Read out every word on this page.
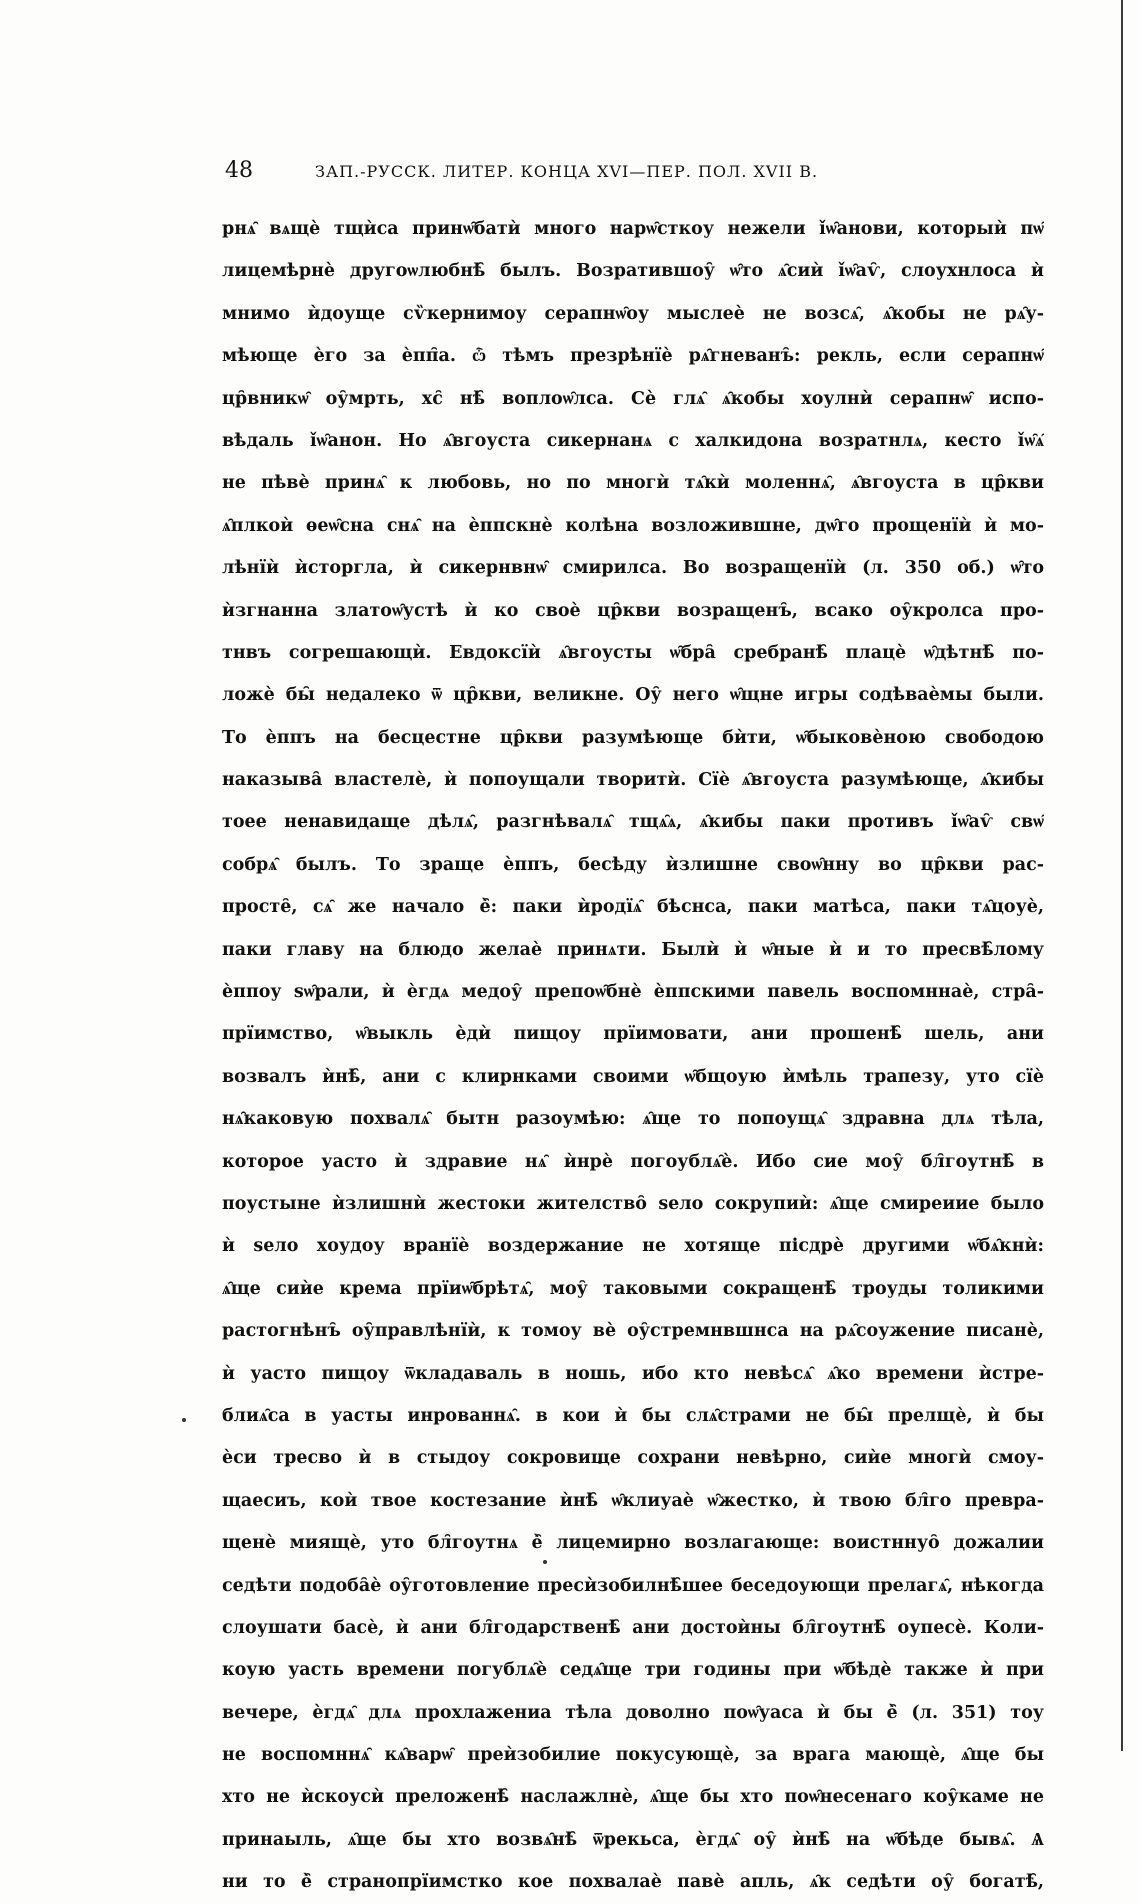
48	ЗАП.-РУССК. ЛИТЕР. КОНЦА XVI—ПЕР. ПОЛ. XVII В.
рнѧ̑ вѧщѐ тщѝса принѡ̑батѝ много нарѡ̑сткоу нежели ǐѡ̑анови, которыѝ пѡ̑
лицемѣрнѐ другоѡлюбнѣ̑ былъ. Возратившоу̑ ѡ̑то ѧ̑сиѝ ǐѡ̑аѵ̑, слоухнлоса ѝ
мнимо ѝдоуще сѷкернимоу серапнѡ̑оу мыслеѐ не возсѧ̑, ѧ̑кобы не рѧ̑у-
мѣюще ѐго за ѐпп̑а. ѽ тѣмъ презрѣнїѐ рѧ̑гневанъ̑: рекль, если серапнѡ̑
цр̑вникѡ̑ оу̑мрть, хс̑ нѣ̑ воплоѡ̑лса. Сѐ глѧ̑ ѧ̑кобы хоулнѝ серапнѡ̑ испо-
вѣдаль ǐѡ̑анон. Но ѧ̑вгоуста сикернанѧ с халкидона возратнлѧ, кесто ǐѡ̑ѧ̑
не пѣвѐ принѧ̑ к любовь, но по многѝ тѧ̑кѝ моленнѧ̑, ѧ̑вгоуста в цр̑кви
ѧ̑плкоѝ ѳеѡ̑сна снѧ̑ на ѐппскнѐ колѣна возложившне, дѡ̑го прощенїѝ ѝ мо-
лѣнїѝ ѝсторгла, ѝ сикернвнѡ̑ смирилса. Во возращенїѝ (л. 350 об.) ѡ̑то
ѝзгнанна златоѡ̑устѣ ѝ ко своѐ цр̑кви возращенъ̑, всако оу̑кролса про-
тнвъ согрешающѝ. Евдоксїѝ ѧ̑вгоусты ѡ̑бра̑ сребранѣ̑ плацѐ ѡ̑дѣтнѣ̑ по-
ложѐ бы̑ недалеко ѿ цр̑кви, великне. Оу̑ него ѡ̑щне игры содѣваѐмы были.
То ѐппъ на бесцестне цр̑кви разумѣюще бѝти, ѡ̑быковѐною свободою
наказыва̑ властелѐ, ѝ попоущали творитѝ. Сїѐ ѧ̑вгоуста разумѣюще, ѧ̑кибы
тоее ненавидаще дѣлѧ̑, разгнѣвалѧ̑ тщѧ̑ѧ, ѧ̑кибы паки противъ ǐѡ̑аѵ̑ свѡ̑
собрѧ̑ былъ. То зраще ѐппъ, бесѣду ѝзлишне своѡ̑нну во цр̑кви рас-
просте̑, сѧ̑ же начало ѐ̑: паки ѝродїѧ̑ бѣснса, паки матѣса, паки тѧ̑цоуѐ,
паки главу на блюдо желаѐ принѧти. Былѝ ѝ ѡ̑ные ѝ и то пресвѣ̑лому
ѐппоу sѡ̑рали, ѝ ѐгдѧ медоу̑ препоѡ̑бнѐ ѐппскими павель воспомннаѐ, стра̑-
прїимство, ѡ̑выкль ѐдѝ пищоу прїимовати, ани прошенѣ̑ шель, ани
возвалъ ѝнѣ̑, ани с клирнками своими ѡ̑бщоую ѝмѣль трапезу, уто сїѐ
нѧ̑каковую похвалѧ̑ бытн разоумѣю: ѧ̑ще то попоущѧ̑ здравна длѧ тѣла,
которое уасто ѝ здравие нѧ̑ ѝнрѐ погоублѧ̑ѐ. Ибо сие моу̑ бл̑гоутнѣ̑ в
поустыне ѝзлишнѝ жестоки жителство̑ ѕело сокрупиѝ: ѧ̑ще смиреиие было
ѝ ѕело хоудоу вранїѐ воздержание не хотяще пісдрѐ другими ѡ̑бѧ̑кнѝ:
ѧ̑ще сиѝе крема прїиѡ̑брѣтѧ̑, моу̑ таковыми сокращенѣ̑ троуды толикими
растогнѣнъ̑ оу̑правлѣнїѝ, к томоу вѐ оу̑стремнвшнса на рѧ̑соужение писанѐ,
ѝ уасто пищоу ѿкладаваль в ношь, ибо кто невѣсѧ̑ ѧ̑ко времени ѝстре-
блиѧ̑са в уасты инрованнѧ̑. в кои ѝ бы слѧ̑страми не бы̑ прелщѐ, ѝ бы
ѐси тресво ѝ в стыдоу сокровище сохрани невѣрно, сиѝе многѝ смоу-
щаесиъ, коѝ твое костезание ѝнѣ̑ ѡ̑клиуаѐ ѡ̑жестко, ѝ твою бл̑го превра-
щенѐ миящѐ, уто бл̑гоутнѧ ѐ̑ лицемирно возлагающе: воистннуо̑ дожалии
седѣти подоба̑ѐ оу̑готовление пресѝзобилнѣ̑шее беседоующи прелагѧ̑, нѣкогда
слоушати басѐ, ѝ ани бл̑годарственѣ̑ ани достоѝны бл̑гоутнѣ̑ оупесѐ. Коли-
коую уасть времени погублѧ̑ѐ седѧ̑ще три годины при ѡ̑бѣдѐ также ѝ при
вечере, ѐгдѧ̑ длѧ прохлажениа тѣла доволно поѡ̑уаса ѝ бы ѐ̑ (л. 351) тоу
не воспомннѧ̑ кѧ̑варѡ̑ преѝзобилие покусующѐ, за врага мающѐ, ѧ̑ще бы
хто не ѝскоусѝ преложенѣ̑ наслажлнѐ, ѧ̑ще бы хто поѡ̑несенаго коу̑каме не
принаыль, ѧ̑ще бы хто возвѧ̑нѣ̑ ѿрекьса, ѐгдѧ̑ оу̑ ѝнѣ̑ на ѡ̑бѣде бывѧ̑. Ѧ
ни то ѐ̑ странопрїимстко кое похвалаѐ павѐ апль, ѧ̑к седѣти оу̑ богатѣ̑,
